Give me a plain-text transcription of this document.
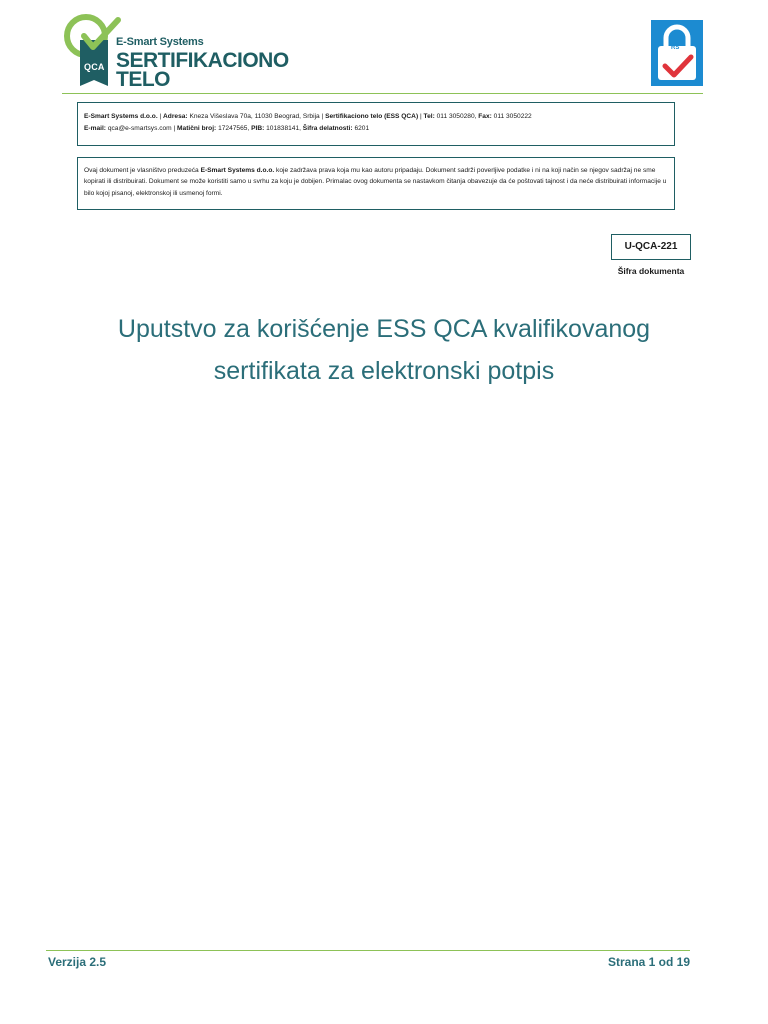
E-Smart Systems
SERTIFIKACIONO
TELO
QCA
RS
E-Smart Systems d.o.o. | Adresa: Kneza Višeslava 70a, 11030 Beograd, Srbija | Sertifikaciono telo (ESS QCA) | Tel: 011 3050280, Fax: 011 3050222
E-mail: qca@e-smartsys.com | Matični broj: 17247565, PIB: 101838141, Šifra delatnosti: 6201
Ovaj dokument je vlasništvo preduzeća E-Smart Systems d.o.o. koje zadržava prava koja mu kao autoru pripadaju. Dokument sadrži poverljive podatke i ni na koji način se njegov sadržaj ne sme kopirati ili distribuirati. Dokument se može koristiti samo u svrhu za koju je dobijen. Primalac ovog dokumenta se nastavkom čitanja obavezuje da će poštovati tajnost i da neće distribuirati informacije u bilo kojoj pisanoj, elektronskoj ili usmenoj formi.
U-QCA-221
Šifra dokumenta
Uputstvo za korišćenje ESS QCA kvalifikovanog
sertifikata za elektronski potpis
Verzija 2.5	Strana 1 od 19
